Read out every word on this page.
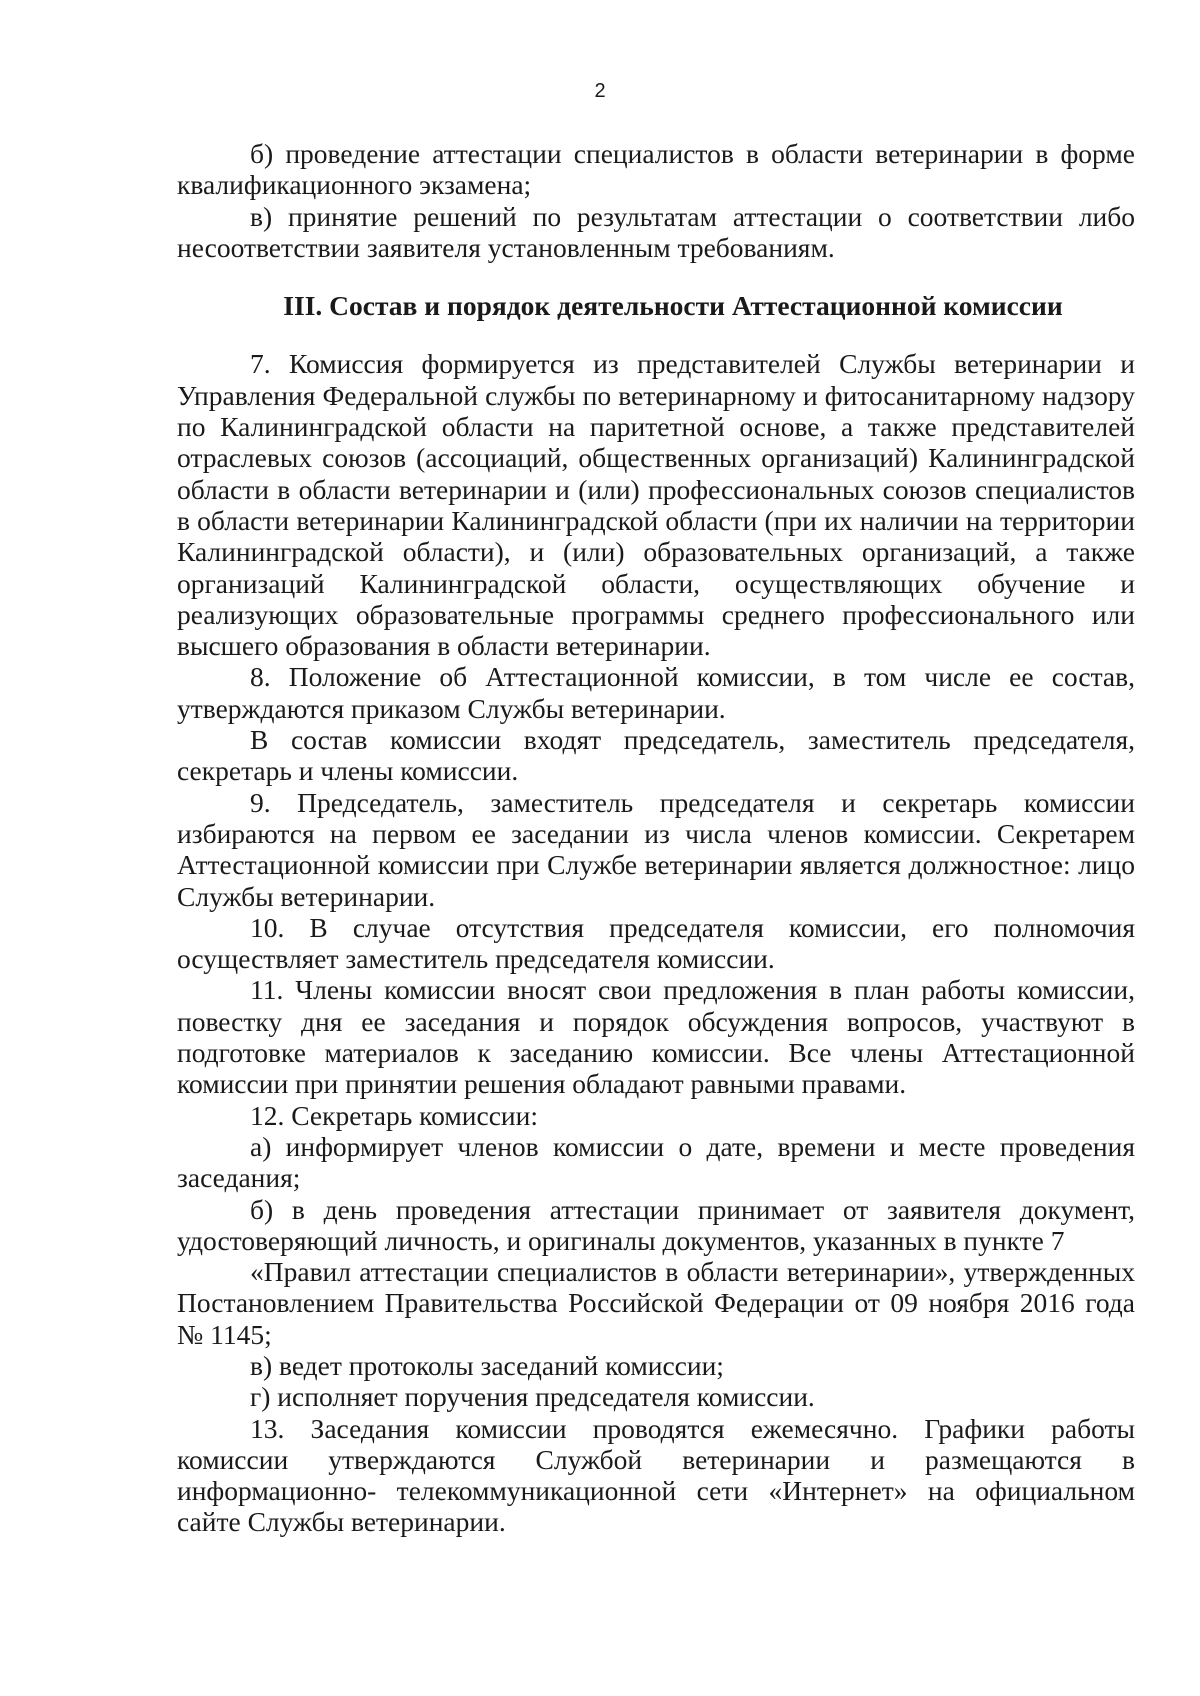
2

б) проведение аттестации специалистов в области ветеринарии в форме квалификационного экзамена;

в) принятие решений по результатам аттестации о соответствии либо несоответствии заявителя установленным требованиям.

III. Состав и порядок деятельности Аттестационной комиссии

7. Комиссия формируется из представителей Службы ветеринарии и Управления Федеральной службы по ветеринарному и фитосанитарному надзору по Калининградской области на паритетной основе, а также представителей отраслевых союзов (ассоциаций, общественных организаций) Калининградской области в области ветеринарии и (или) профессиональных союзов специалистов в области ветеринарии Калининградской области (при их наличии на территории Калининградской области), и (или) образовательных организаций, а также организаций Калининградской области, осуществляющих обучение и реализующих образовательные программы среднего профессионального или высшего образования в области ветеринарии.

8. Положение об Аттестационной комиссии, в том числе ее состав, утверждаются приказом Службы ветеринарии.

В состав комиссии входят председатель, заместитель председателя, секретарь и члены комиссии.

9. Председатель, заместитель председателя и секретарь комиссии избираются на первом ее заседании из числа членов комиссии. Секретарем Аттестационной комиссии при Службе ветеринарии является должностное: лицо Службы ветеринарии.

10. В случае отсутствия председателя комиссии, его полномочия осуществляет заместитель председателя комиссии.

11. Члены комиссии вносят свои предложения в план работы комиссии, повестку дня ее заседания и порядок обсуждения вопросов, участвуют в подготовке материалов к заседанию комиссии. Все члены Аттестационной комиссии при принятии решения обладают равными правами.

12. Секретарь комиссии:

а) информирует членов комиссии о дате, времени и месте проведения заседания;

б) в день проведения аттестации принимает от заявителя документ, удостоверяющий личность, и оригиналы документов, указанных в пункте 7

«Правил аттестации специалистов в области ветеринарии», утвержденных Постановлением Правительства Российской Федерации от 09 ноября 2016 года № 1145;

в) ведет протоколы заседаний комиссии;

г) исполняет поручения председателя комиссии.

13. Заседания комиссии проводятся ежемесячно. Графики работы комиссии утверждаются Службой ветеринарии и размещаются в информационно- телекоммуникационной сети «Интернет» на официальном сайте Службы ветеринарии.
